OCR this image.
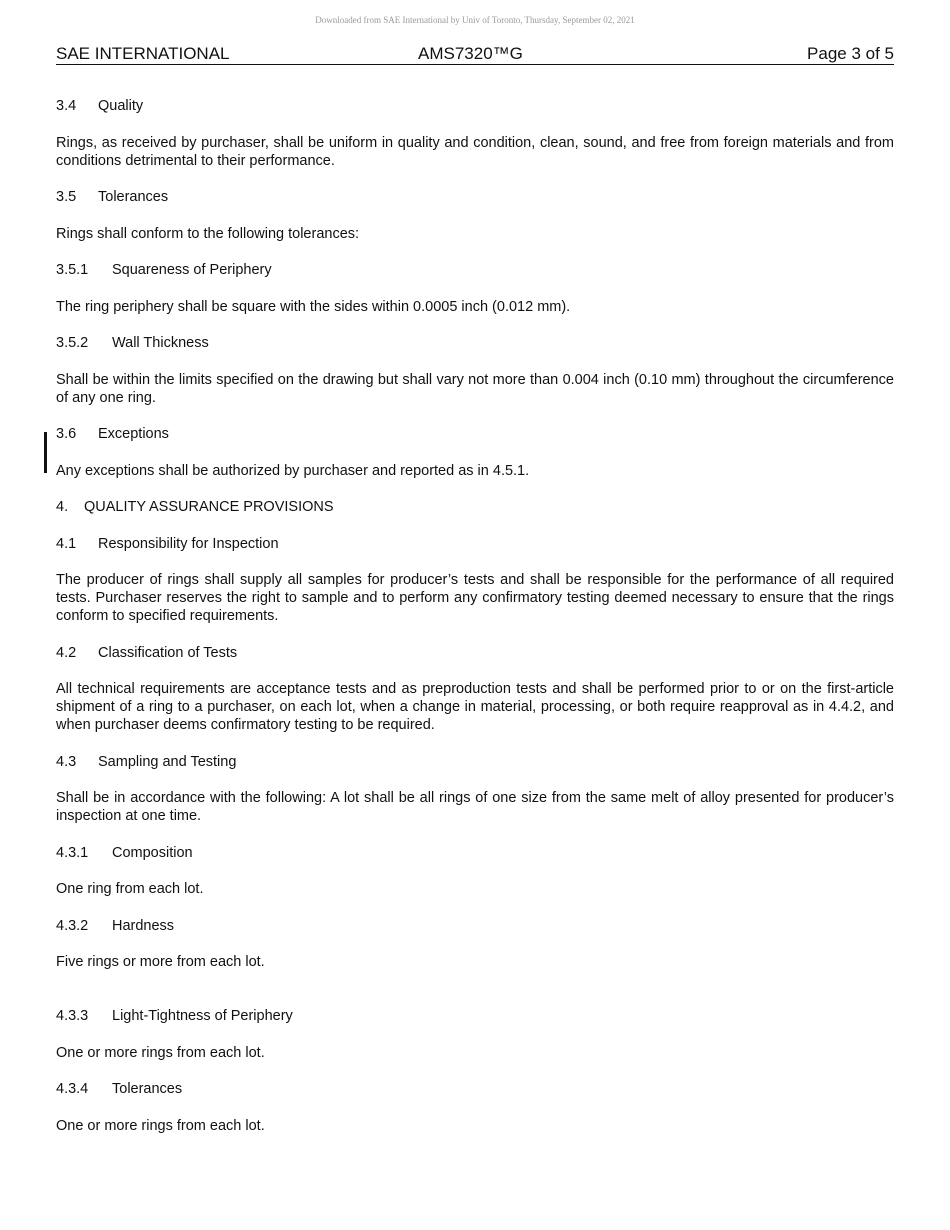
Downloaded from SAE International by Univ of Toronto, Thursday, September 02, 2021
SAE INTERNATIONAL	AMS7320™G	Page 3 of 5

3.4 Quality

Rings, as received by purchaser, shall be uniform in quality and condition, clean, sound, and free from foreign materials and from conditions detrimental to their performance.

3.5 Tolerances

Rings shall conform to the following tolerances:

3.5.1 Squareness of Periphery

The ring periphery shall be square with the sides within 0.0005 inch (0.012 mm).

3.5.2 Wall Thickness

Shall be within the limits specified on the drawing but shall vary not more than 0.004 inch (0.10 mm) throughout the circumference of any one ring.

3.6 Exceptions

Any exceptions shall be authorized by purchaser and reported as in 4.5.1.

4. QUALITY ASSURANCE PROVISIONS

4.1 Responsibility for Inspection

The producer of rings shall supply all samples for producer’s tests and shall be responsible for the performance of all required tests. Purchaser reserves the right to sample and to perform any confirmatory testing deemed necessary to ensure that the rings conform to specified requirements.

4.2 Classification of Tests

All technical requirements are acceptance tests and as preproduction tests and shall be performed prior to or on the first-article shipment of a ring to a purchaser, on each lot, when a change in material, processing, or both require reapproval as in 4.4.2, and when purchaser deems confirmatory testing to be required.

4.3 Sampling and Testing

Shall be in accordance with the following: A lot shall be all rings of one size from the same melt of alloy presented for producer’s inspection at one time.

4.3.1 Composition

One ring from each lot.

4.3.2 Hardness

Five rings or more from each lot.

4.3.3 Light-Tightness of Periphery

One or more rings from each lot.

4.3.4 Tolerances

One or more rings from each lot.
